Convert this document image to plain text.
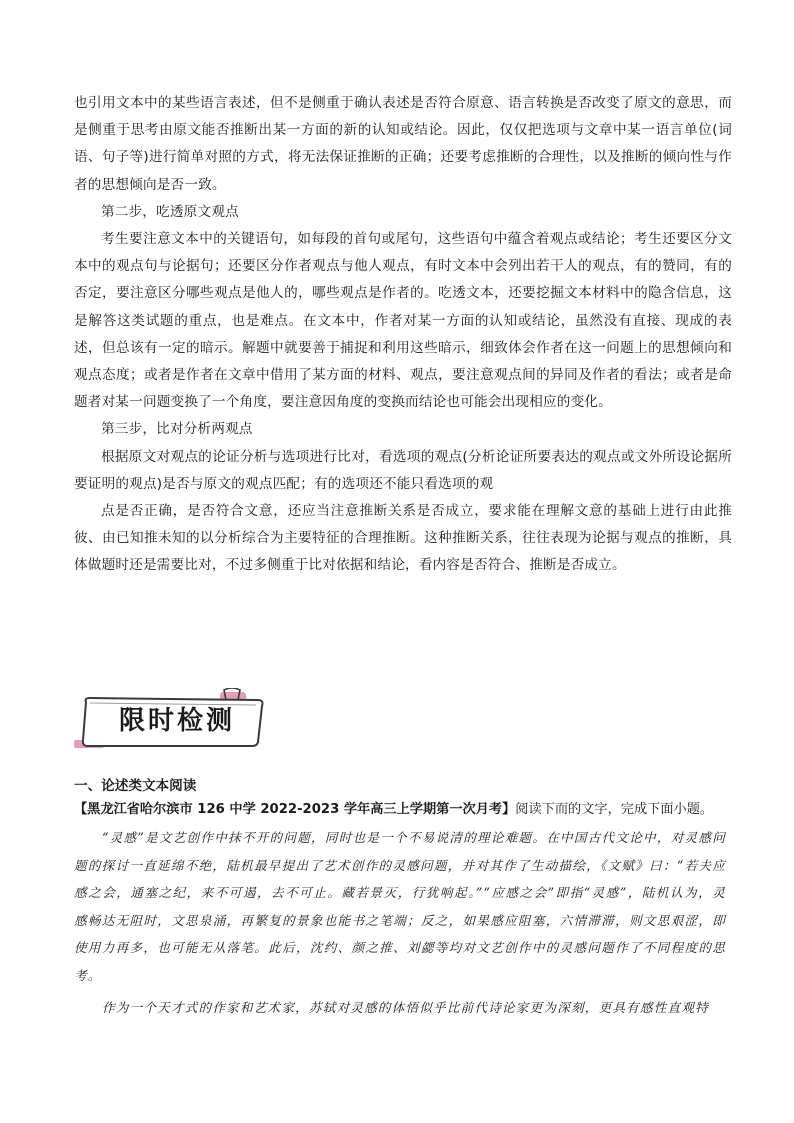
也引用文本中的某些语言表述，但不是侧重于确认表述是否符合原意、语言转换是否改变了原文的意思，而是侧重于思考由原文能否推断出某一方面的新的认知或结论。因此，仅仅把选项与文章中某一语言单位(词语、句子等)进行简单对照的方式，将无法保证推断的正确；还要考虑推断的合理性，以及推断的倾向性与作者的思想倾向是否一致。

第二步，吃透原文观点

考生要注意文本中的关键语句，如每段的首句或尾句，这些语句中蕴含着观点或结论；考生还要区分文本中的观点句与论据句；还要区分作者观点与他人观点，有时文本中会列出若干人的观点，有的赞同，有的否定，要注意区分哪些观点是他人的，哪些观点是作者的。吃透文本，还要挖掘文本材料中的隐含信息，这是解答这类试题的重点，也是难点。在文本中，作者对某一方面的认知或结论，虽然没有直接、现成的表述，但总该有一定的暗示。解题中就要善于捕捉和利用这些暗示，细致体会作者在这一问题上的思想倾向和观点态度；或者是作者在文章中借用了某方面的材料、观点，要注意观点间的异同及作者的看法；或者是命题者对某一问题变换了一个角度，要注意因角度的变换而结论也可能会出现相应的变化。

第三步，比对分析两观点

根据原文对观点的论证分析与选项进行比对，看选项的观点(分析论证所要表达的观点或文外所设论据所要证明的观点)是否与原文的观点匹配；有的选项还不能只看选项的观

点是否正确，是否符合文意，还应当注意推断关系是否成立，要求能在理解文意的基础上进行由此推彼、由已知推未知的以分析综合为主要特征的合理推断。这种推断关系，往往表现为论据与观点的推断，具体做题时还是需要比对，不过多侧重于比对依据和结论，看内容是否符合、推断是否成立。

限时检测
一、论述类文本阅读
【黑龙江省哈尔滨市 126 中学 2022-2023 学年高三上学期第一次月考】阅读下而的文字，完成下面小题。

“灵感”是文艺创作中抹不开的问题，同时也是一个不易说清的理论难题。在中国古代文论中，对灵感问题的探讨一直延绵不绝，陆机最早提出了艺术创作的灵感问题，并对其作了生动描绘，《文赋》曰：“若夫应感之会，通塞之纪，来不可遏，去不可止。藏若景灭，行犹响起。”“应感之会”即指“灵感”，陆机认为，灵感畅达无阻时，文思泉涌，再繁复的景象也能书之笔端；反之，如果感应阻塞，六情滞滞，则文思艰涩，即使用力再多，也可能无从落笔。此后，沈约、颜之推、刘勰等均对文艺创作中的灵感问题作了不同程度的思考。

作为一个天才式的作家和艺术家，苏轼对灵感的体悟似乎比前代诗论家更为深刻，更具有感性直观特
